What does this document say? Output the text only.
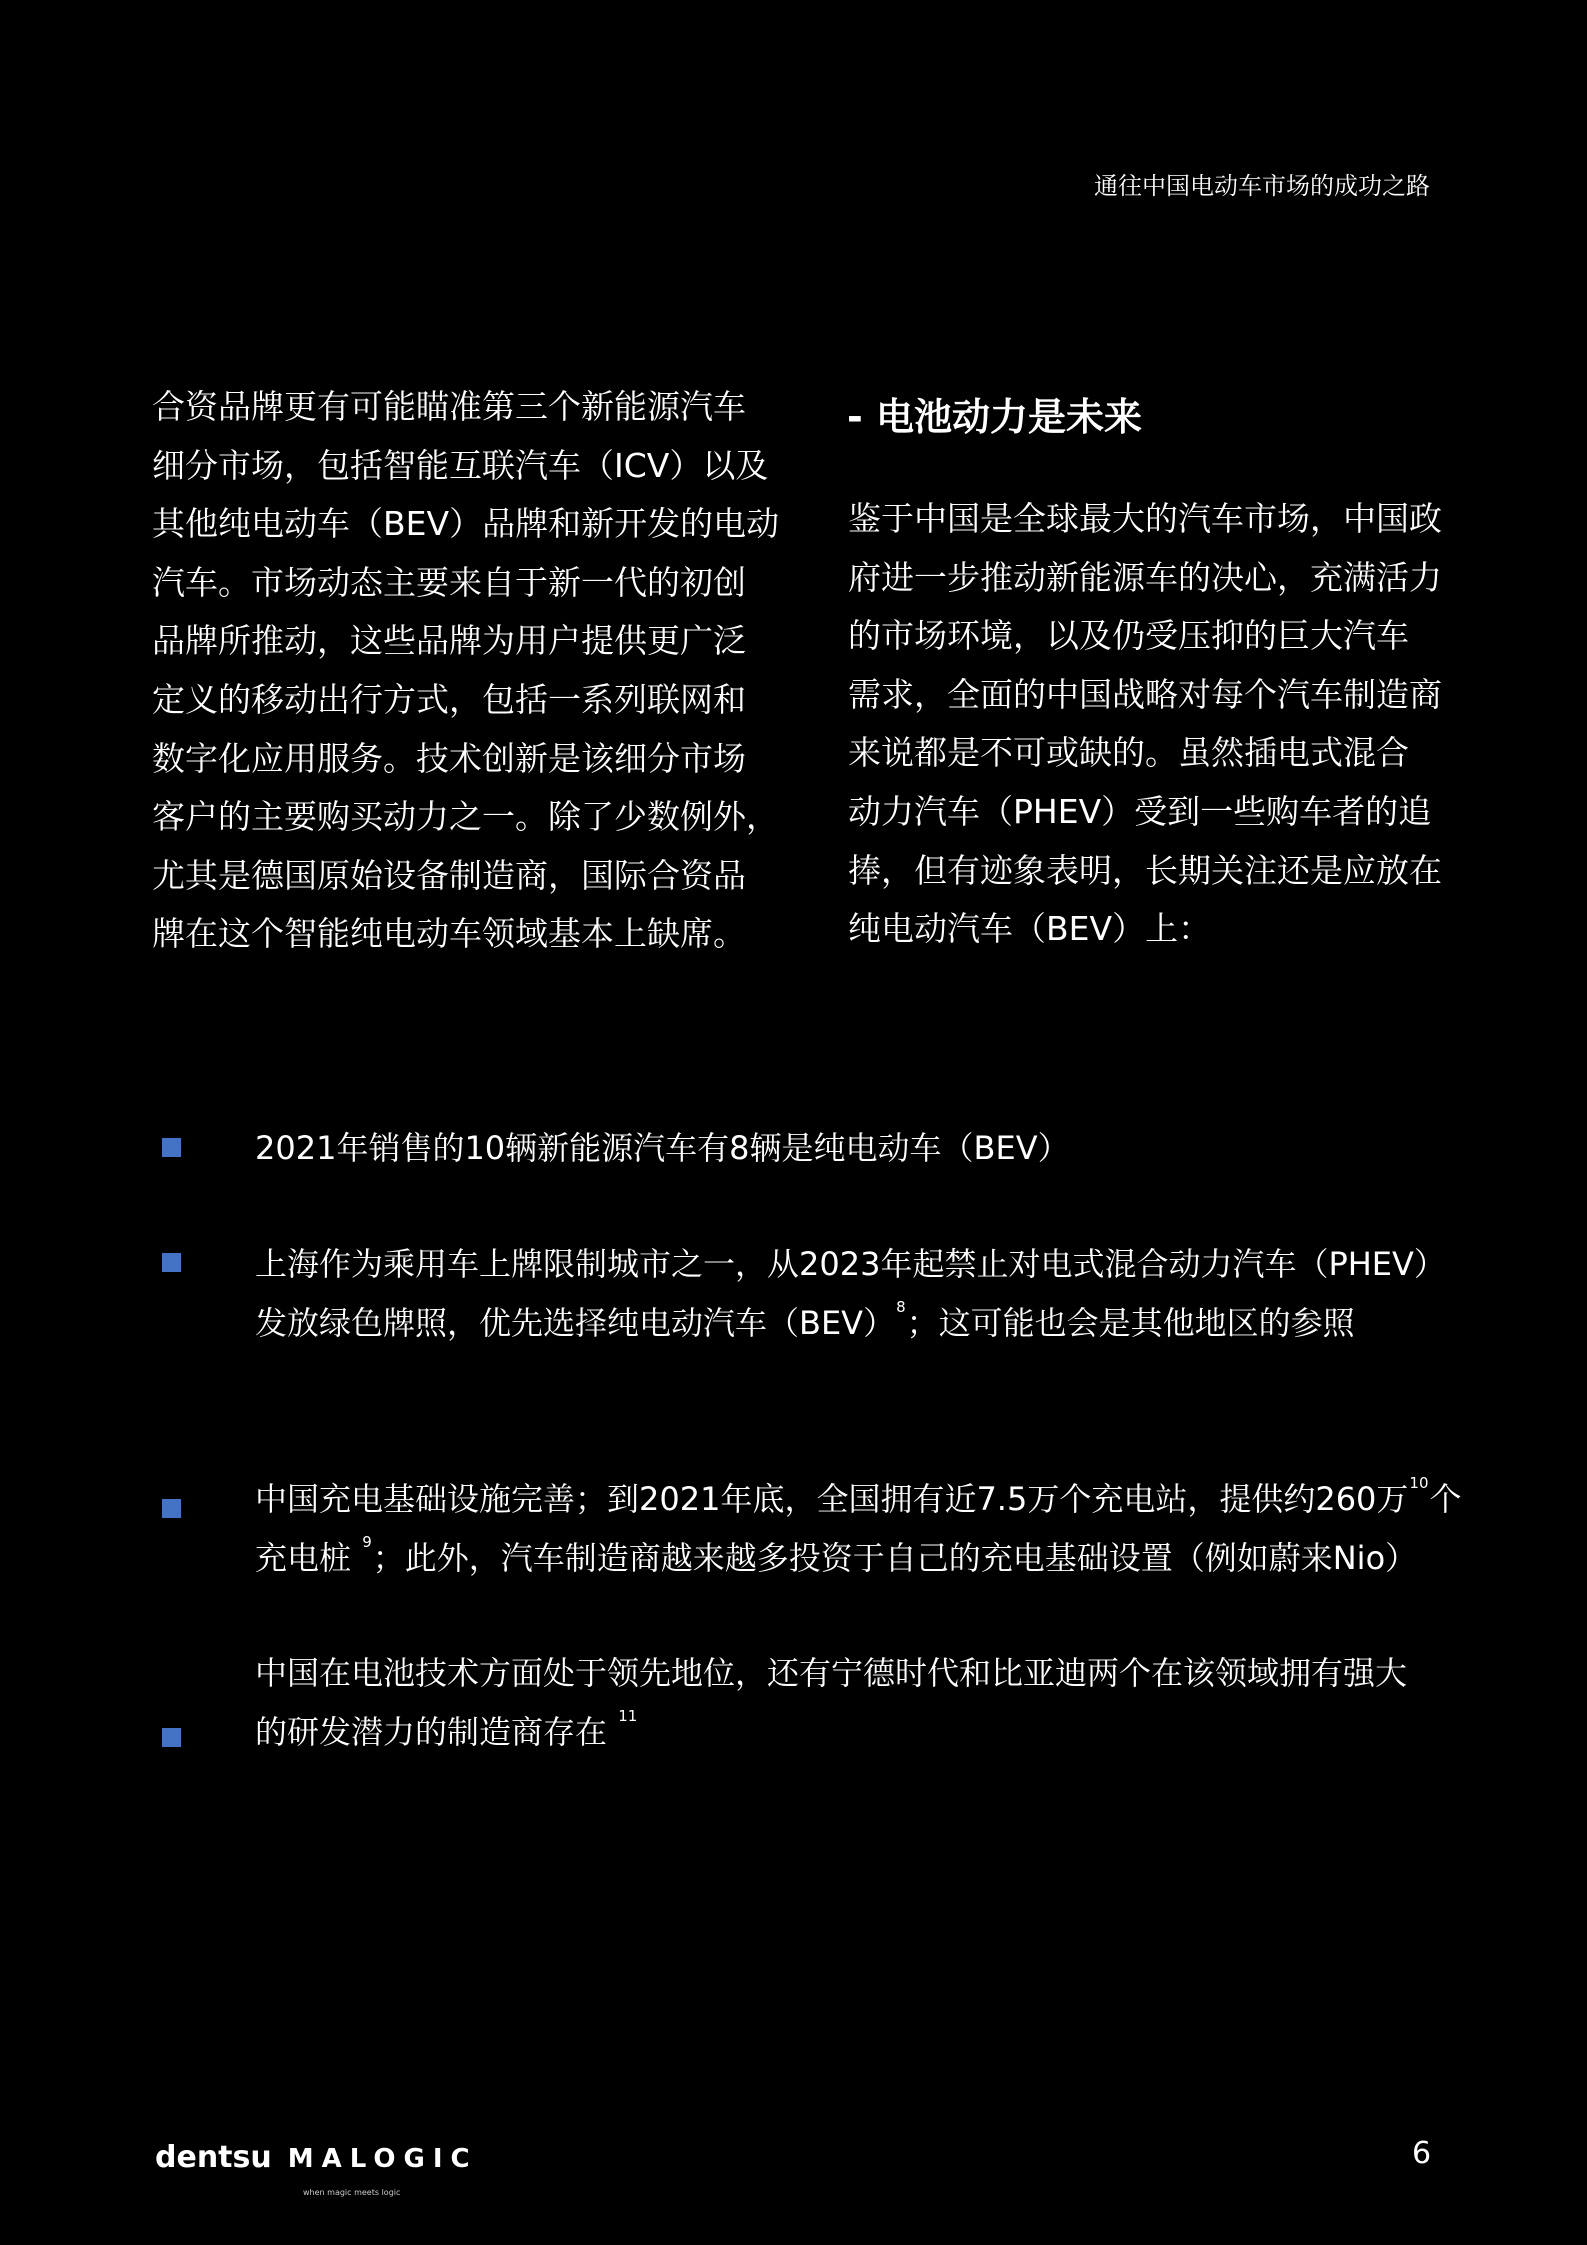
通往中国电动车市场的成功之路
合资品牌更有可能瞄准第三个新能源汽车
细分市场，包括智能互联汽车（ICV）以及
其他纯电动车（BEV）品牌和新开发的电动
汽车。市场动态主要来自于新一代的初创
品牌所推动，这些品牌为用户提供更广泛
定义的移动出行方式，包括一系列联网和
数字化应用服务。技术创新是该细分市场
客户的主要购买动力之一。除了少数例外，
尤其是德国原始设备制造商，国际合资品
牌在这个智能纯电动车领域基本上缺席。
- 电池动力是未来
鉴于中国是全球最大的汽车市场，中国政
府进一步推动新能源车的决心，充满活力
的市场环境，以及仍受压抑的巨大汽车
需求，全面的中国战略对每个汽车制造商
来说都是不可或缺的。虽然插电式混合
动力汽车（PHEV）受到一些购车者的追
捧，但有迹象表明，长期关注还是应放在
纯电动汽车（BEV）上：
2021年销售的10辆新能源汽车有8辆是纯电动车（BEV）
上海作为乘用车上牌限制城市之一，从2023年起禁止对电式混合动力汽车（PHEV）
发放绿色牌照，优先选择纯电动汽车（BEV）$^8$；这可能也会是其他地区的参照
中国充电基础设施完善；到2021年底，全国拥有近7.5万个充电站，提供约260万$^{10}$个
充电桩 $^9$；此外，汽车制造商越来越多投资于自己的充电基础设置（例如蔚来Nio）
中国在电池技术方面处于领先地位，还有宁德时代和比亚迪两个在该领域拥有强大
的研发潜力的制造商存在 $^{11}$
dentsu MALOGIC
when magic meets logic
6
